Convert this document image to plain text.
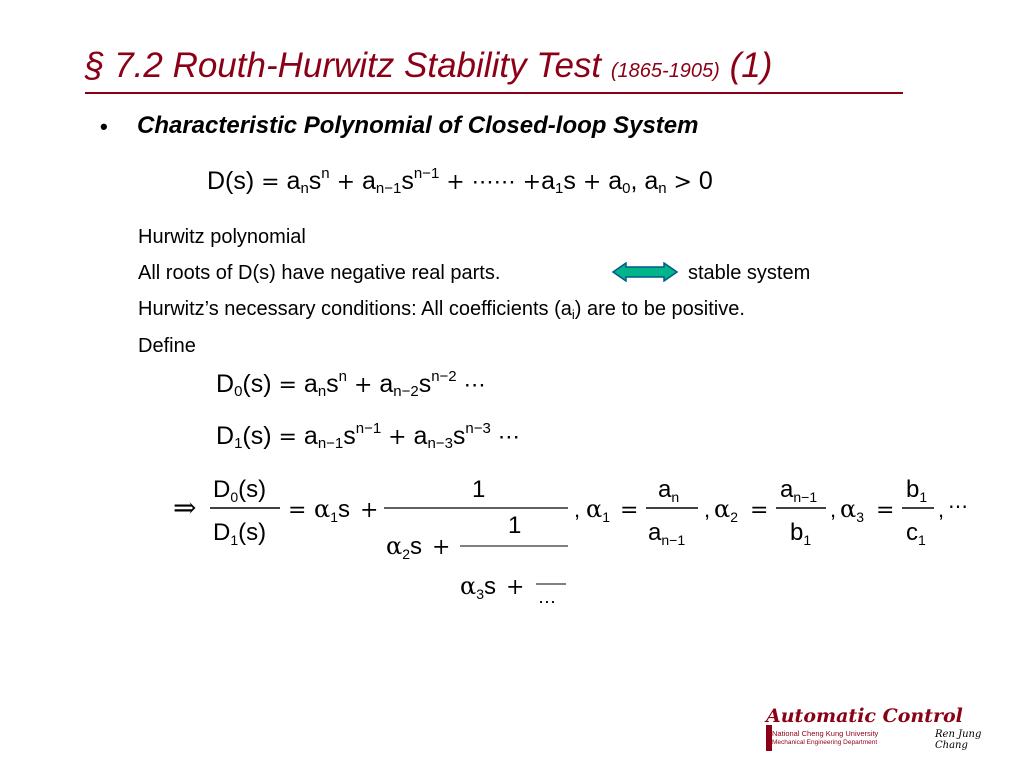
§ 7.2 Routh-Hurwitz Stability Test (1865-1905) (1)
• Characteristic Polynomial of Closed-loop System
$D(s) = a_ns^n + a_{n-1}s^{n-1}$ + ⋯⋯ $+a_1s + a_0$, $a_n > 0$
Hurwitz polynomial
All roots of D(s) have negative real parts.	stable system
Hurwitz’s necessary conditions: All coefficients $(a_i)$ are to be positive.
Define
$D_0(s) = a_ns^n + a_{n-2}s^{n-2}$ ⋯
$D_1(s) = a_{n-1}s^{n-1} + a_{n-3}s^{n-3}$ ⋯
⇒
$D_0(s)$
$D_1(s)$
= $\alpha_1s$ +
1
$\alpha_2s$ +
1
$\alpha_3s$ +
⋯
, $\alpha_1$ =
$a_n$
$a_{n-1}$
, $\alpha_2$ =
$a_{n-1}$
$b_1$
, $\alpha_3$ =
$b_1$
$c_1$
, ⋯
Automatic Control
National Cheng Kung University
Mechanical Engineering Department
Ren Jung Chang
